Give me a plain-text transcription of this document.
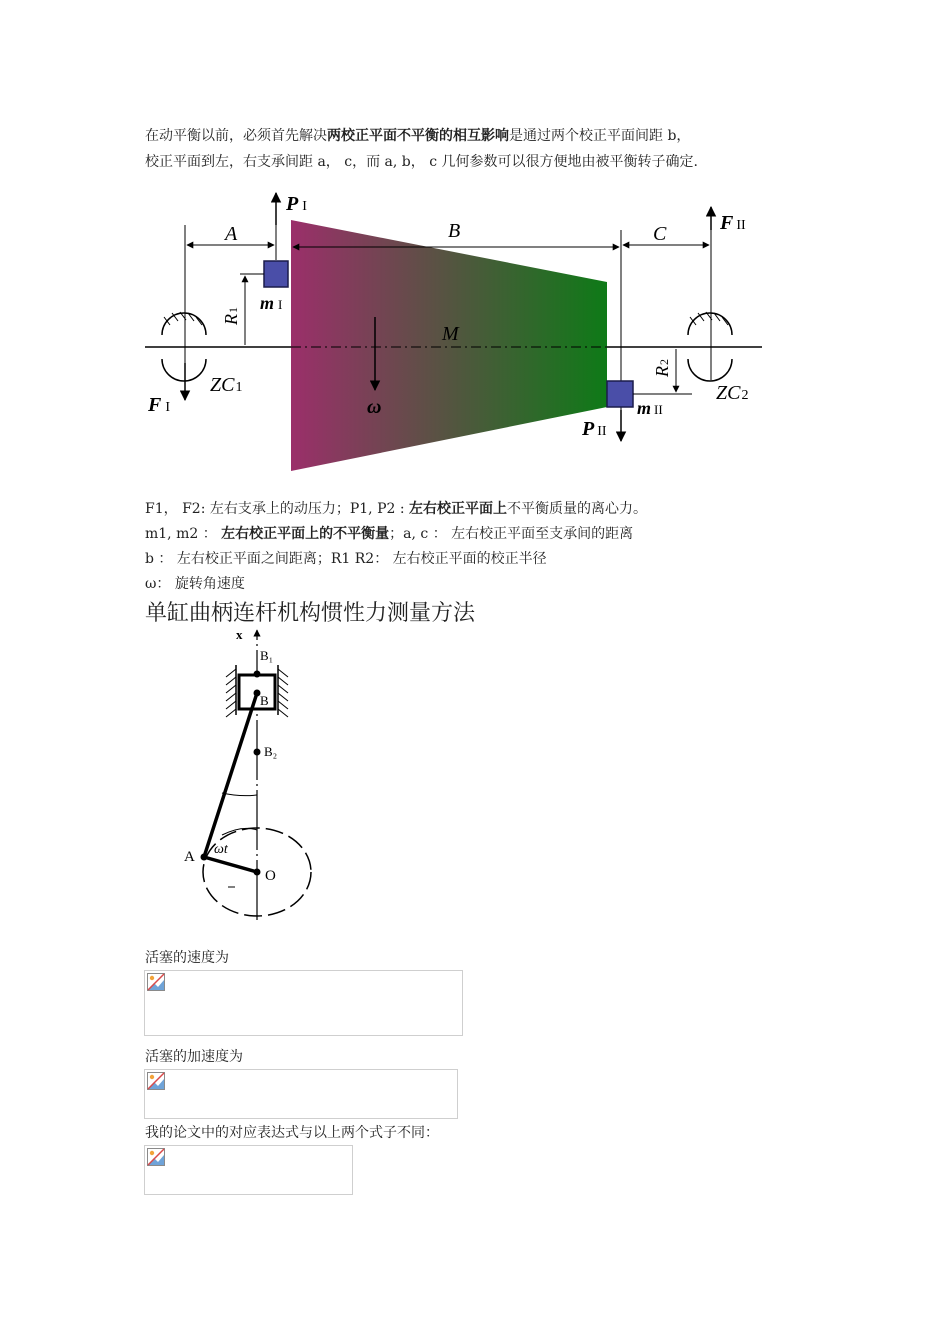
在动平衡以前，必须首先解决两校正平面不平衡的相互影响是通过两个校正平面间距 b，
校正平面到左，右支承间距 a， c，而 a, b， c 几何参数可以很方便地由被平衡转子确定.
A	B	C
P I
F II
R1 m I
M
ω
R2
m II
P II
F I
ZC1	ZC2
F1， F2: 左右支承上的动压力；P1, P2 : 左右校正平面上不平衡质量的离心力。
m1, m2 ： 左右校正平面上的不平衡量；a, c ： 左右校正平面至支承间的距离
b ： 左右校正平面之间距离；R1 R2： 左右校正平面的校正半径
ω： 旋转角速度
单缸曲柄连杆机构惯性力测量方法
x
B₁
B
B₂
A ωt
O
活塞的速度为
活塞的加速度为
我的论文中的对应表达式与以上两个式子不同：
